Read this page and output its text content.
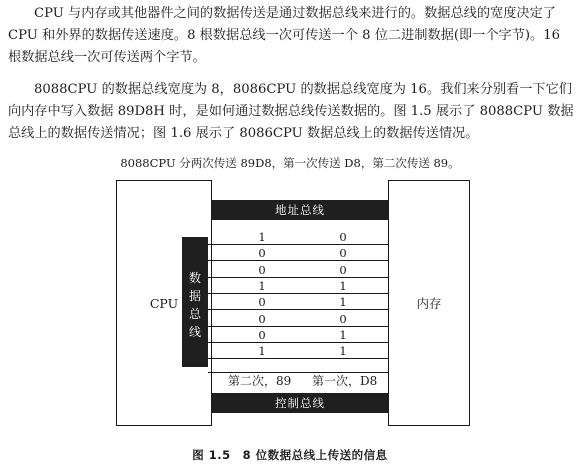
CPU 与内存或其他器件之间的数据传送是通过数据总线来进行的。数据总线的宽度决定了 CPU 和外界的数据传送速度。8 根数据总线一次可传送一个 8 位二进制数据(即一个字节)。16 根数据总线一次可传送两个字节。

8088CPU 的数据总线宽度为 8，8086CPU 的数据总线宽度为 16。我们来分别看一下它们向内存中写入数据 89D8H 时，是如何通过数据总线传送数据的。图 1.5 展示了 8088CPU 数据总线上的数据传送情况；图 1.6 展示了 8086CPU 数据总线上的数据传送情况。

8088CPU 分两次传送 89D8，第一次传送 D8，第二次传送 89。
CPU	内存
地址总线
数
据
总
线
1	0
0	0
0	0
1	1
0	1
0	0
0	1
1	1
控制总线
第二次，89 第一次，D8
图 1.5　8 位数据总线上传送的信息
